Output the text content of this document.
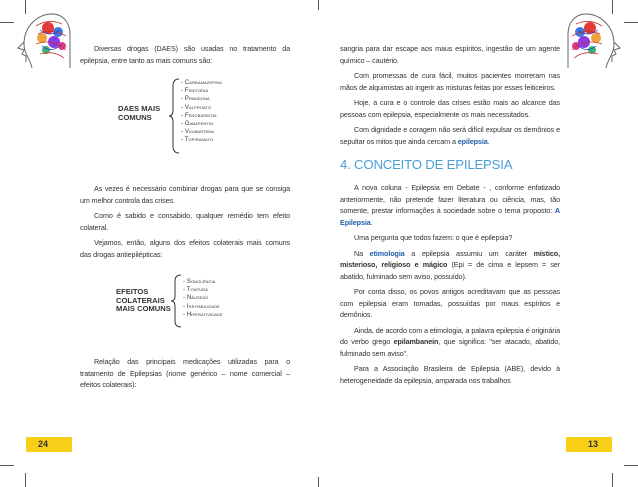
Diversas drogas (DAES) são usadas no tratamento da epilepsia, entre tanto as mais comuns são:

DAES MAIS COMUNS
- Carbamazepina
- Fenitoína
- Primidona
- Valproato
- Fenobarbital
- Gabapentin
- Vigabatrina
- Topiramato

As vezes é necessário combinar drogas para que se consiga um melhor controla das crises.

Como é sabido e consabido, qualquer remédio tem efeito colateral.

Vejamos, então, alguns dos efeitos colaterais mais comuns das drogas antiepilépticas:

EFEITOS COLATERAIS MAIS COMUNS
- Sonolência
- Tontura
- Náuseas
- Irritabilidade
- Hiperatividade

Relação das principais medicações utilizadas para o tratamento de Epilepsias (nome genérico – nome comercial – efeitos colaterais):

sangria para dar escape aos maus espíritos, ingestão de um agente químico – cautério.

Com promessas de cura fácil, muitos pacientes morreram nas mãos de alquimistas ao ingerir as misturas feitas por esses feiticeiros.

Hoje, a cura e o controle das crises estão mais ao alcance das pessoas com epilepsia, especialmente os mais necessitados.

Com dignidade e coragem não será difícil expulsar os demônios e sepultar os mitos que ainda cercam a epilepsia.

4. CONCEITO DE EPILEPSIA

A nova coluna - Epilepsia em Debate - , conforme enfatizado anteriormente, não pretende fazer literatura ou ciência, mas, tão somente, prestar informações à sociedade sobre o tema proposto: A Epilepsia.

Uma pergunta que todos fazem: o que é epilepsia?

Na etimologia a epilepsia assumiu um caráter místico, misterioso, religioso e mágico (Epi = de cima e lepsem = ser abatido, fulminado sem aviso, possuído).

Por conta disso, os povos antigos acreditavam que as pessoas com epilepsia eram tomadas, possuídas por maus espíritos e demônios.

Ainda, de acordo com a etimologia, a palavra epilepsia é originária do verbo grego epilambanein, que significa: "ser atacado, abatido, fulminado sem aviso".

Para a Associação Brasileira de Epilepsia (ABE), devido à heterogeneidade da epilepsia, amparada nos trabalhos

24	13
